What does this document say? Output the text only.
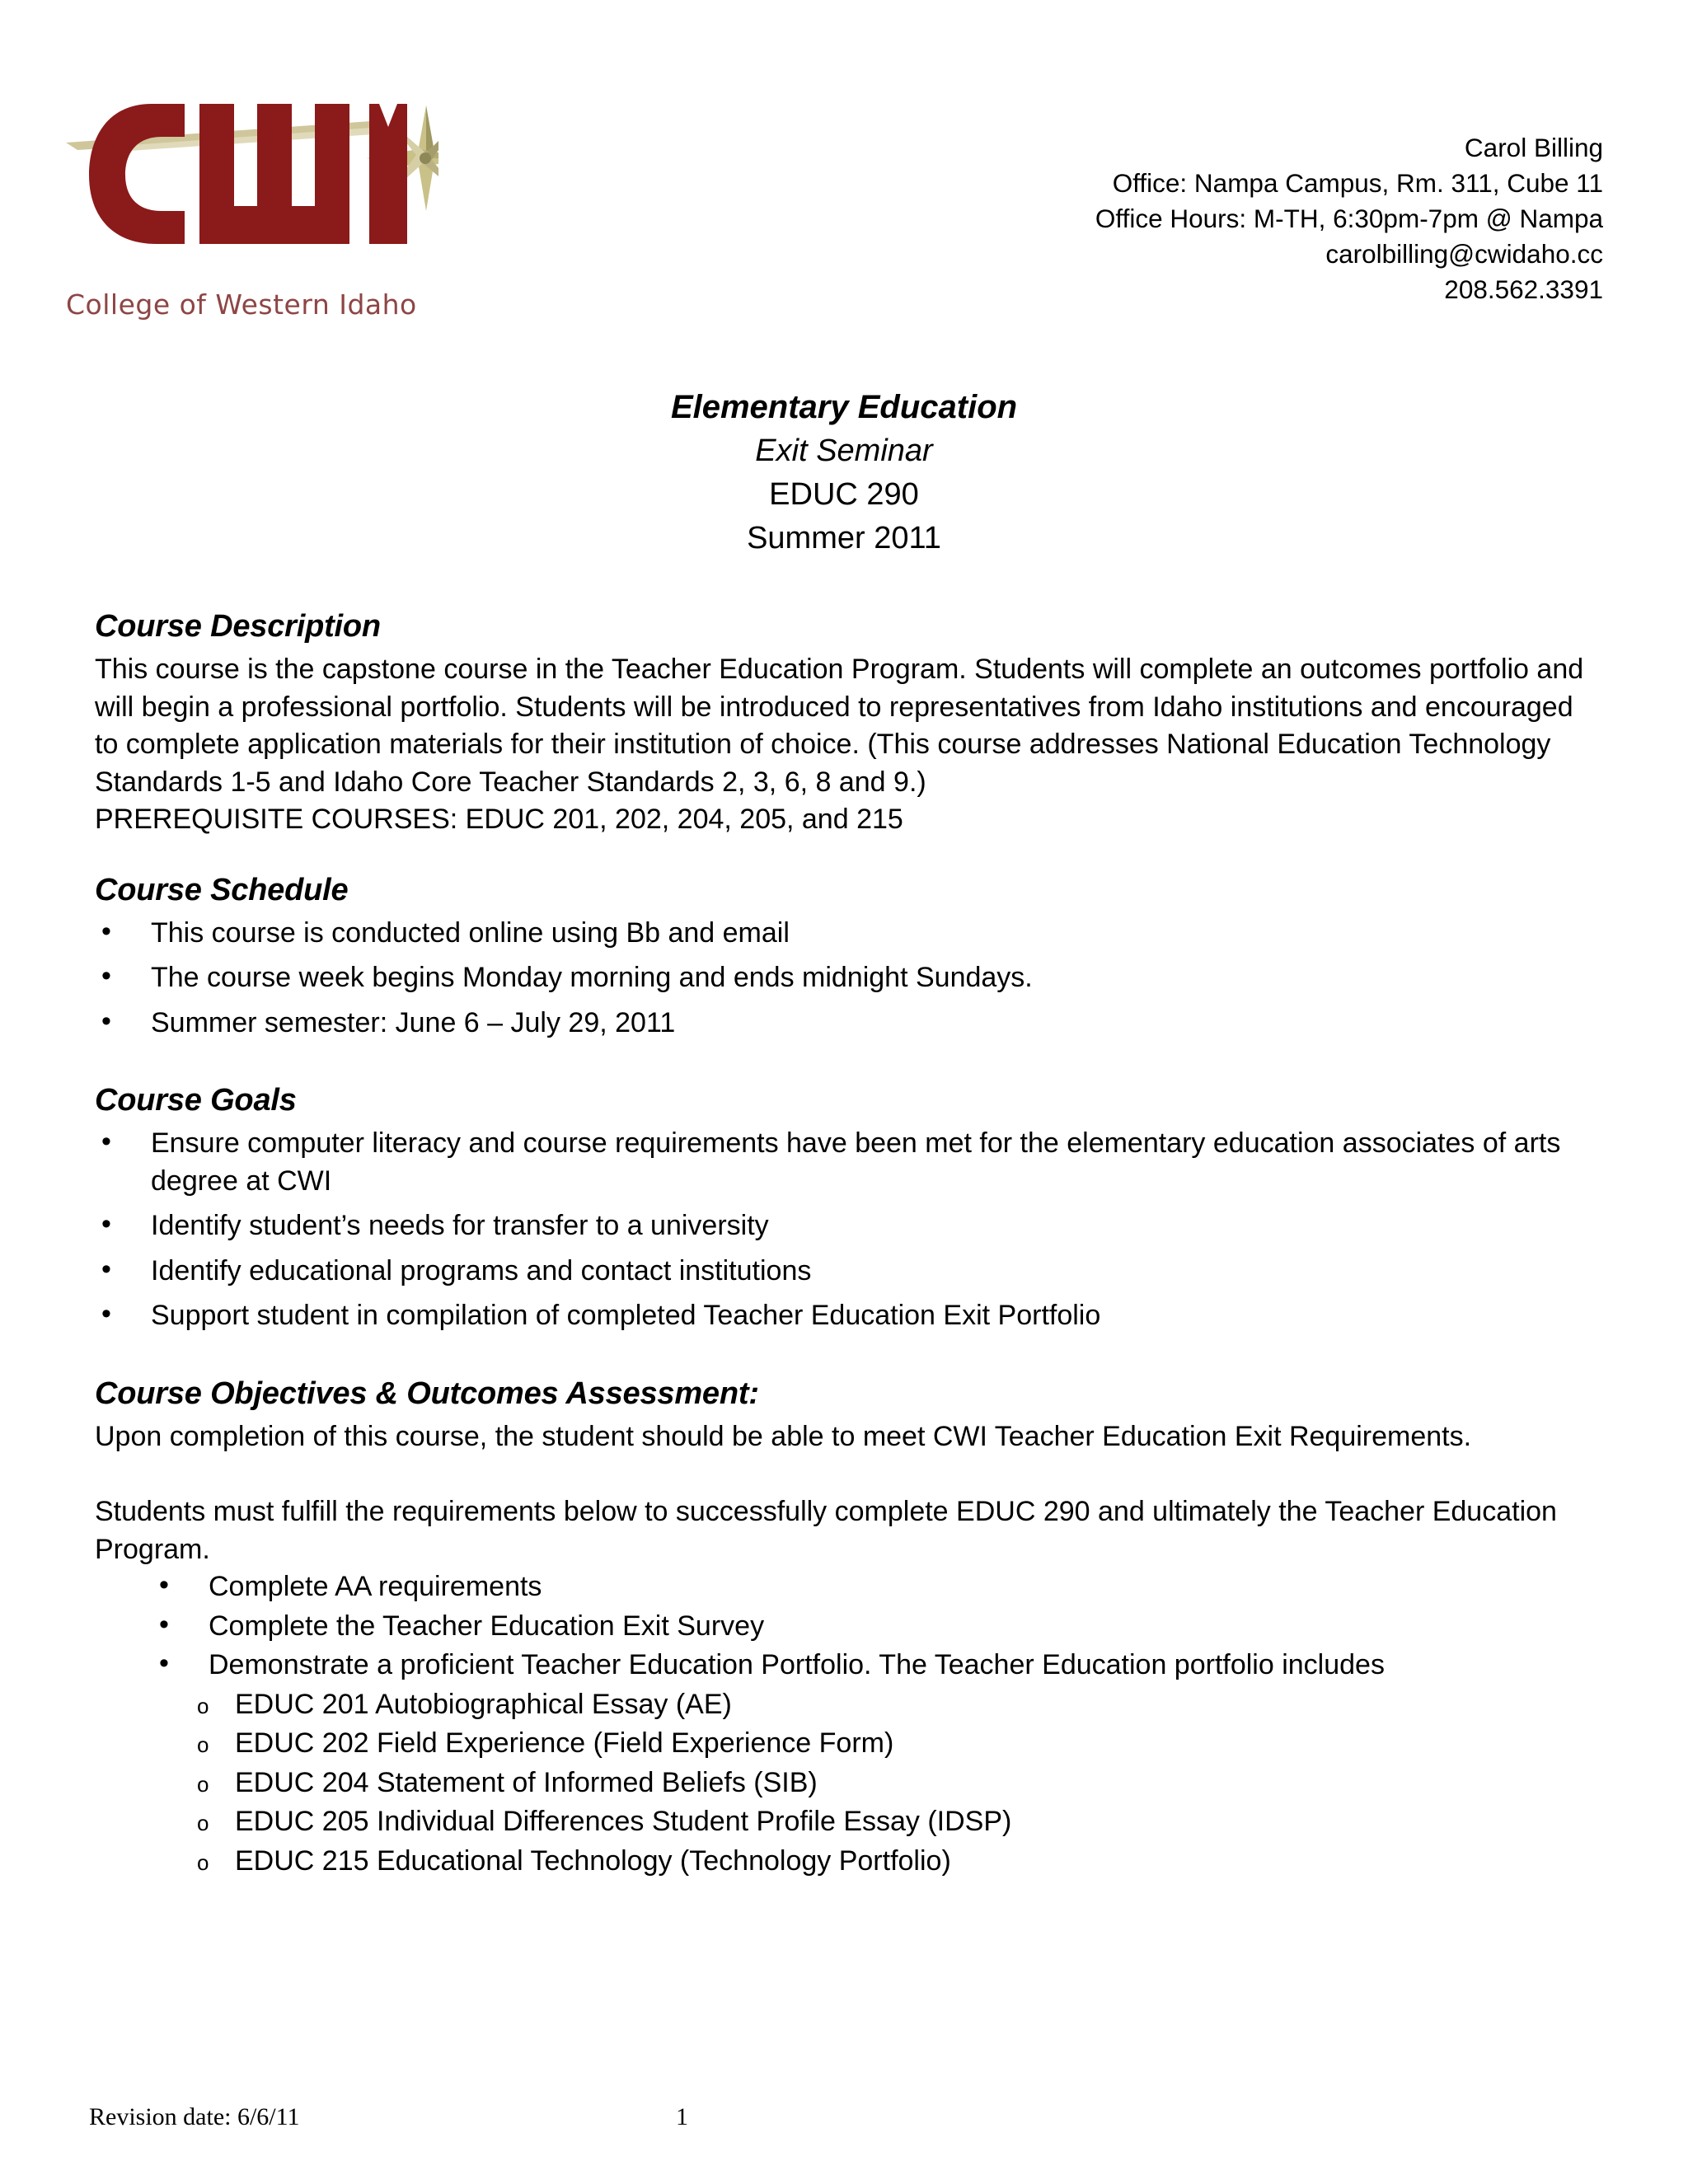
College of Western Idaho
Carol Billing
Office: Nampa Campus, Rm. 311, Cube 11
Office Hours: M-TH, 6:30pm-7pm @ Nampa
carolbilling@cwidaho.cc
208.562.3391
Elementary Education
Exit Seminar
EDUC 290
Summer 2011
Course Description

This course is the capstone course in the Teacher Education Program. Students will complete an outcomes portfolio and will begin a professional portfolio. Students will be introduced to representatives from Idaho institutions and encouraged to complete application materials for their institution of choice. (This course addresses National Education Technology Standards 1-5 and Idaho Core Teacher Standards 2, 3, 6, 8 and 9.)

PREREQUISITE COURSES: EDUC 201, 202, 204, 205, and 215

Course Schedule
• This course is conducted online using Bb and email
• The course week begins Monday morning and ends midnight Sundays.
• Summer semester: June 6 – July 29, 2011
Course Goals
• Ensure computer literacy and course requirements have been met for the elementary education associates of arts degree at CWI
• Identify student’s needs for transfer to a university
• Identify educational programs and contact institutions
• Support student in compilation of completed Teacher Education Exit Portfolio
Course Objectives & Outcomes Assessment:

Upon completion of this course, the student should be able to meet CWI Teacher Education Exit Requirements.

Students must fulfill the requirements below to successfully complete EDUC 290 and ultimately the Teacher Education Program.

• Complete AA requirements
• Complete the Teacher Education Exit Survey
• Demonstrate a proficient Teacher Education Portfolio. The Teacher Education portfolio includes
o EDUC 201 Autobiographical Essay (AE)
o EDUC 202 Field Experience (Field Experience Form)
o EDUC 204 Statement of Informed Beliefs (SIB)
o EDUC 205 Individual Differences Student Profile Essay (IDSP)
o EDUC 215 Educational Technology (Technology Portfolio)
Revision date: 6/6/11	1
